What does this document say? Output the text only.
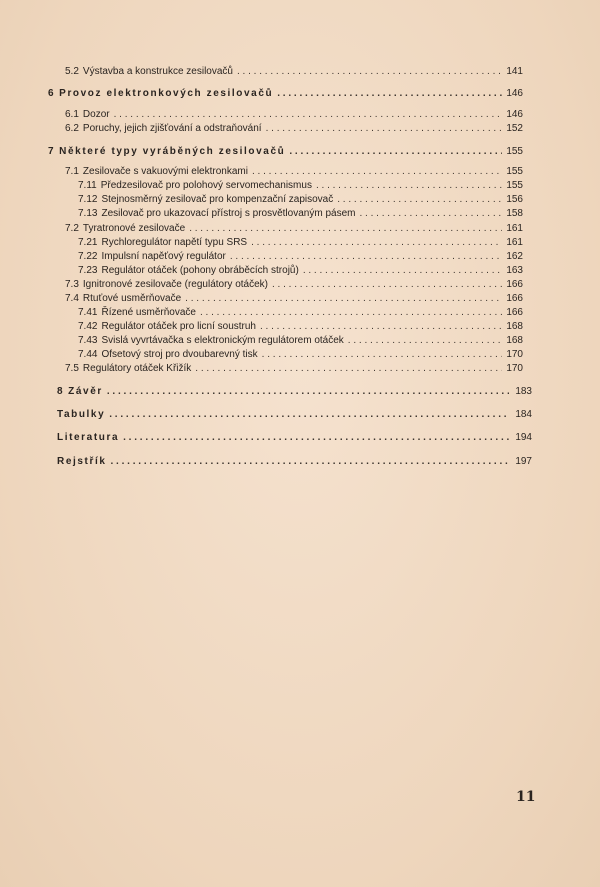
5.2 Výstavba a konstrukce zesilovačů . . .	141
6 Provoz elektronkových zesilovačů . . .	146
6.1 Dozor . . .	146
6.2 Poruchy, jejich zjišťování a odstraňování . . .	152
7 Některé typy vyráběných zesilovačů . . .	155
7.1 Zesilovače s vakuovými elektronkami . . .	155
7.11 Předzesilovač pro polohový servomechanismus . . .	155
7.12 Stejnosměrný zesilovač pro kompenzační zapisovač . . .	156
7.13 Zesilovač pro ukazovací přístroj s prosvětlovaným pásem . . .	158
7.2 Tyratronové zesilovače . . .	161
7.21 Rychloregulátor napětí typu SRS . . .	161
7.22 Impulsní napěťový regulátor . . .	162
7.23 Regulátor otáček (pohony obráběcích strojů) . . .	163
7.3 Ignitronové zesilovače (regulátory otáček) . . .	166
7.4 Rtuťové usměrňovače . . .	166
7.41 Řízené usměrňovače . . .	166
7.42 Regulátor otáček pro licní soustruh . . .	168
7.43 Svislá vyvrtávačka s elektronickým regulátorem otáček . . .	168
7.44 Ofsetový stroj pro dvoubarevný tisk . . .	170
7.5 Regulátory otáček Křižík . . .	170
8 Závěr . . .	183
Tabulky . . .	184
Literatura . . .	194
Rejstřík . . .	197
11
